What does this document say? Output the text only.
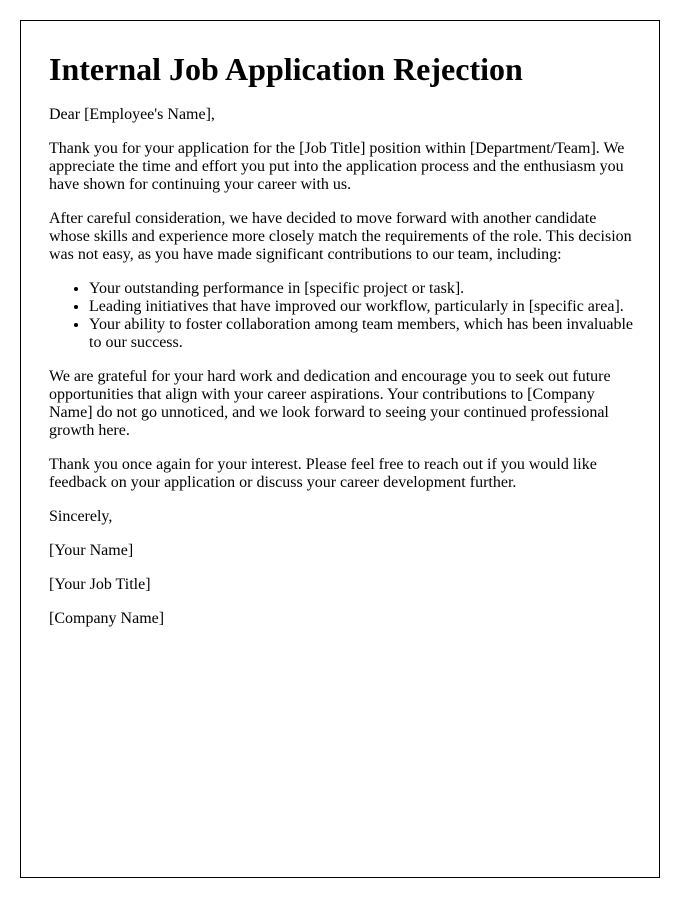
Internal Job Application Rejection

Dear [Employee's Name],

Thank you for your application for the [Job Title] position within [Department/Team]. We appreciate the time and effort you put into the application process and the enthusiasm you have shown for continuing your career with us.

After careful consideration, we have decided to move forward with another candidate whose skills and experience more closely match the requirements of the role. This decision was not easy, as you have made significant contributions to our team, including:

• Your outstanding performance in [specific project or task].
• Leading initiatives that have improved our workflow, particularly in [specific area].
• Your ability to foster collaboration among team members, which has been invaluable to our success.

We are grateful for your hard work and dedication and encourage you to seek out future opportunities that align with your career aspirations. Your contributions to [Company Name] do not go unnoticed, and we look forward to seeing your continued professional growth here.

Thank you once again for your interest. Please feel free to reach out if you would like feedback on your application or discuss your career development further.

Sincerely,

[Your Name]

[Your Job Title]

[Company Name]
